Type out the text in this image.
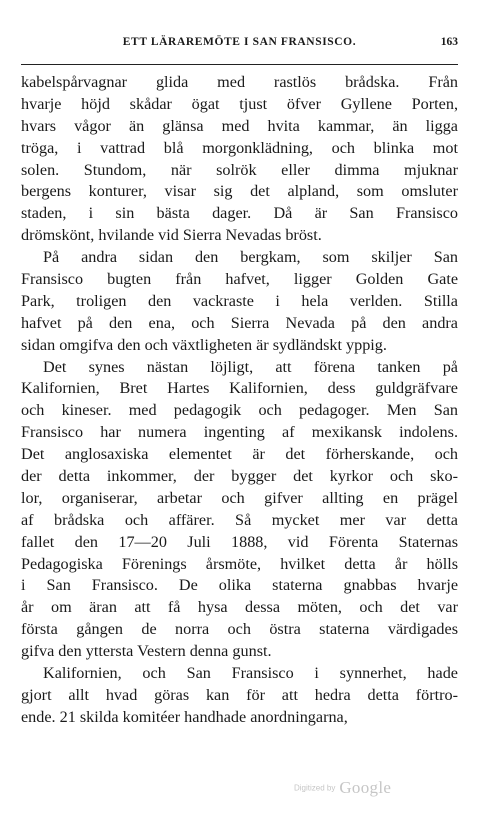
ETT LÄRAREMÖTE I SAN FRANSISCO.	163
kabelspårvagnar glida med rastlös brådska. Från
hvarje höjd skådar ögat tjust öfver Gyllene Porten,
hvars vågor än glänsa med hvita kammar, än ligga
tröga, i vattrad blå morgonklädning, och blinka mot
solen. Stundom, när solrök eller dimma mjuknar
bergens konturer, visar sig det alpland, som omsluter
staden, i sin bästa dager. Då är San Fransisco
drömskönt, hvilande vid Sierra Nevadas bröst.
På andra sidan den bergkam, som skiljer San
Fransisco bugten från hafvet, ligger Golden Gate
Park, troligen den vackraste i hela verlden. Stilla
hafvet på den ena, och Sierra Nevada på den andra
sidan omgifva den och växtligheten är sydländskt yppig.
Det synes nästan löjligt, att förena tanken på
Kalifornien, Bret Hartes Kalifornien, dess guldgräfvare
och kineser. med pedagogik och pedagoger. Men San
Fransisco har numera ingenting af mexikansk indolens.
Det anglosaxiska elementet är det förherskande, och
der detta inkommer, der bygger det kyrkor och sko-
lor, organiserar, arbetar och gifver allting en prägel
af brådska och affärer. Så mycket mer var detta
fallet den 17—20 Juli 1888, vid Förenta Staternas
Pedagogiska Förenings årsmöte, hvilket detta år hölls
i San Fransisco. De olika staterna gnabbas hvarje
år om äran att få hysa dessa möten, och det var
första gången de norra och östra staterna värdigades
gifva den yttersta Vestern denna gunst.
Kalifornien, och San Fransisco i synnerhet, hade
gjort allt hvad göras kan för att hedra detta förtro-
ende. 21 skilda komitéer handhade anordningarna,
Digitized by Google
